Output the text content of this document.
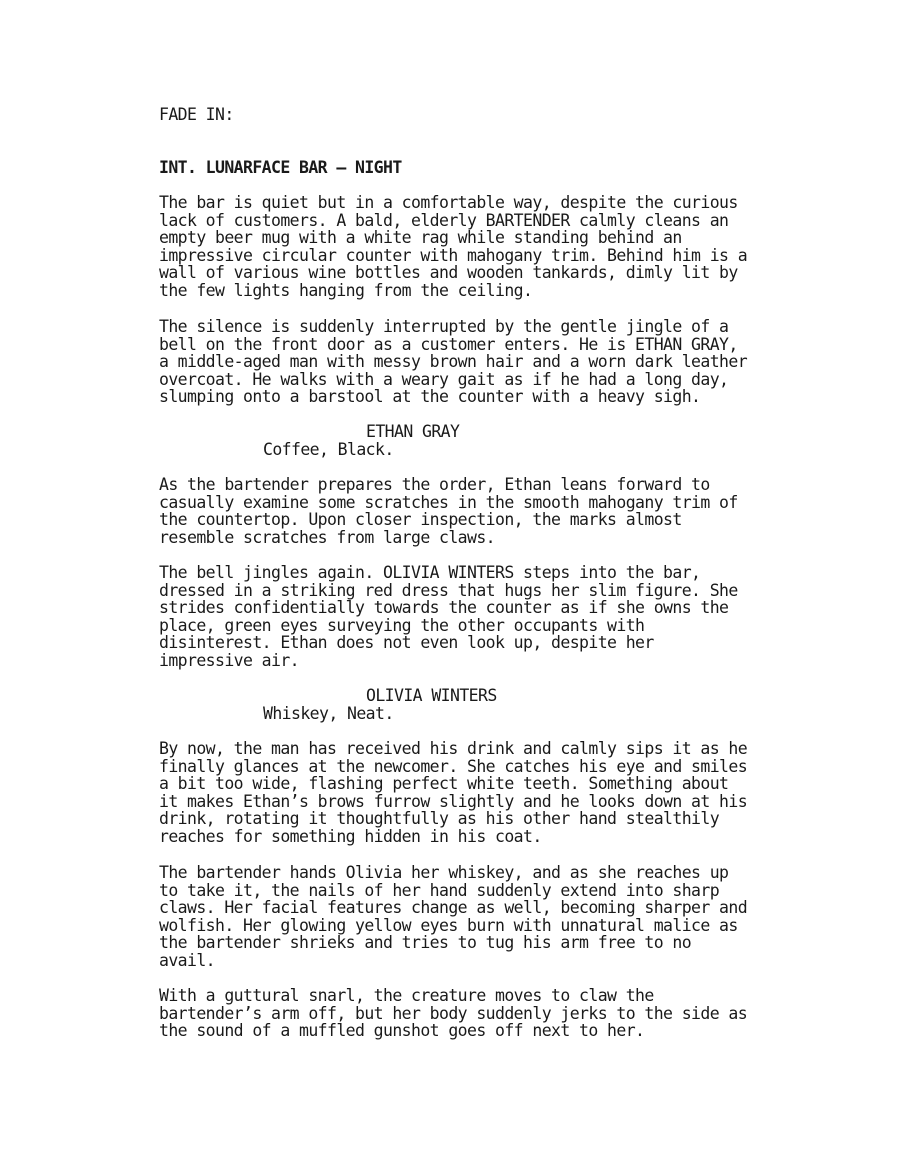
FADE IN:
INT. LUNARFACE BAR – NIGHT
The bar is quiet but in a comfortable way, despite the curious
lack of customers. A bald, elderly BARTENDER calmly cleans an
empty beer mug with a white rag while standing behind an
impressive circular counter with mahogany trim. Behind him is a
wall of various wine bottles and wooden tankards, dimly lit by
the few lights hanging from the ceiling.
The silence is suddenly interrupted by the gentle jingle of a
bell on the front door as a customer enters. He is ETHAN GRAY,
a middle-aged man with messy brown hair and a worn dark leather
overcoat. He walks with a weary gait as if he had a long day,
slumping onto a barstool at the counter with a heavy sigh.
ETHAN GRAY
Coffee, Black.
As the bartender prepares the order, Ethan leans forward to
casually examine some scratches in the smooth mahogany trim of
the countertop. Upon closer inspection, the marks almost
resemble scratches from large claws.
The bell jingles again. OLIVIA WINTERS steps into the bar,
dressed in a striking red dress that hugs her slim figure. She
strides confidentially towards the counter as if she owns the
place, green eyes surveying the other occupants with
disinterest. Ethan does not even look up, despite her
impressive air.
OLIVIA WINTERS
Whiskey, Neat.
By now, the man has received his drink and calmly sips it as he
finally glances at the newcomer. She catches his eye and smiles
a bit too wide, flashing perfect white teeth. Something about
it makes Ethan’s brows furrow slightly and he looks down at his
drink, rotating it thoughtfully as his other hand stealthily
reaches for something hidden in his coat.
The bartender hands Olivia her whiskey, and as she reaches up
to take it, the nails of her hand suddenly extend into sharp
claws. Her facial features change as well, becoming sharper and
wolfish. Her glowing yellow eyes burn with unnatural malice as
the bartender shrieks and tries to tug his arm free to no
avail.
With a guttural snarl, the creature moves to claw the
bartender’s arm off, but her body suddenly jerks to the side as
the sound of a muffled gunshot goes off next to her.
